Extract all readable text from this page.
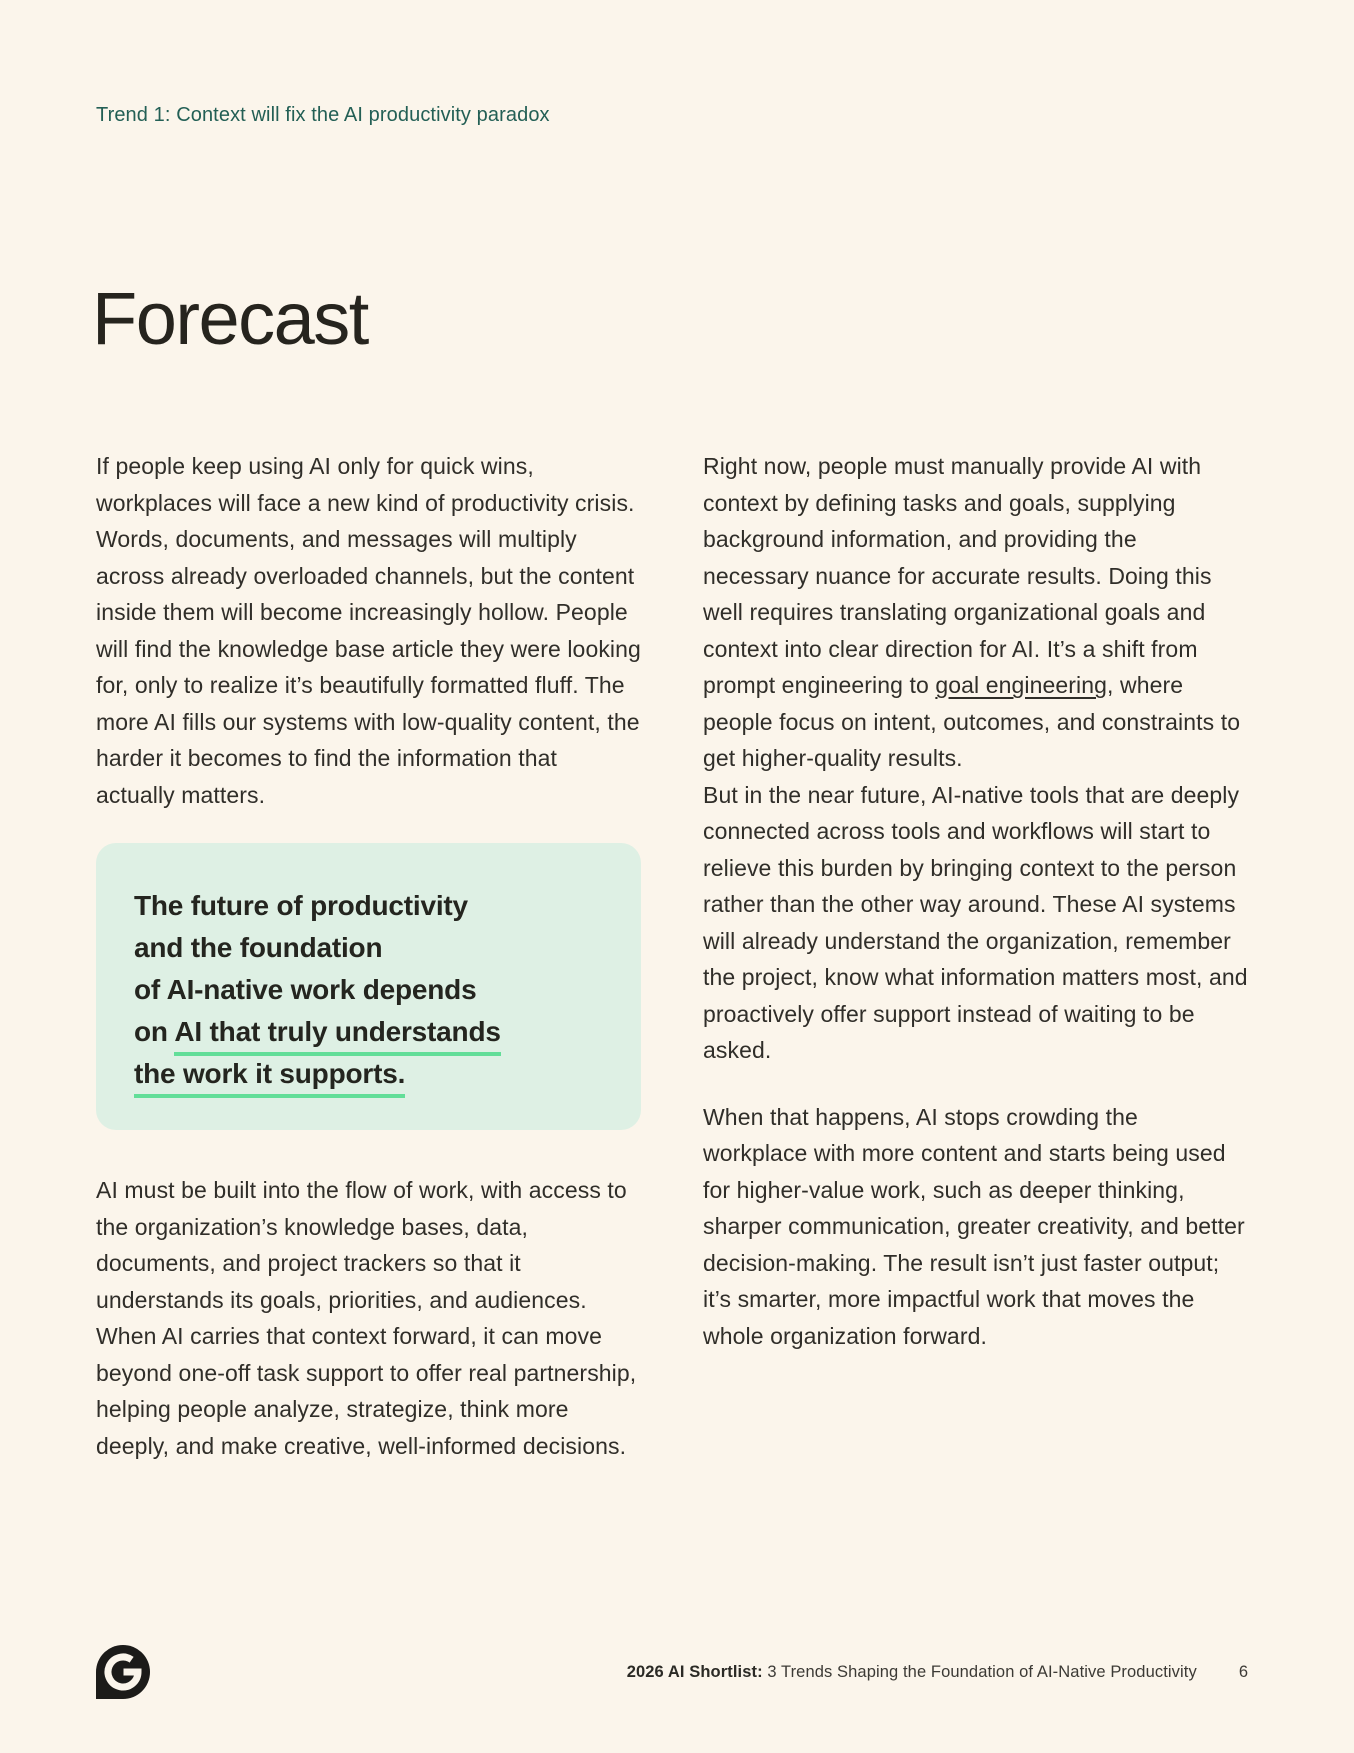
Trend 1: Context will fix the AI productivity paradox
Forecast

If people keep using AI only for quick wins, workplaces will face a new kind of productivity crisis. Words, documents, and messages will multiply across already overloaded channels, but the content inside them will become increasingly hollow. People will find the knowledge base article they were looking for, only to realize it’s beautifully formatted fluff. The more AI fills our systems with low-quality content, the harder it becomes to find the information that actually matters.

The future of productivity
and the foundation
of AI-native work depends
on AI that truly understands
the work it supports.

AI must be built into the flow of work, with access to the organization’s knowledge bases, data, documents, and project trackers so that it understands its goals, priorities, and audiences. When AI carries that context forward, it can move beyond one-off task support to offer real partnership, helping people analyze, strategize, think more deeply, and make creative, well-informed decisions.

Right now, people must manually provide AI with context by defining tasks and goals, supplying background information, and providing the necessary nuance for accurate results. Doing this well requires translating organizational goals and context into clear direction for AI. It’s a shift from prompt engineering to goal engineering, where people focus on intent, outcomes, and constraints to get higher-quality results.
But in the near future, AI-native tools that are deeply connected across tools and workflows will start to relieve this burden by bringing context to the person rather than the other way around. These AI systems will already understand the organization, remember the project, know what information matters most, and proactively offer support instead of waiting to be asked.

When that happens, AI stops crowding the workplace with more content and starts being used for higher-value work, such as deeper thinking, sharper communication, greater creativity, and better decision-making. The result isn’t just faster output; it’s smarter, more impactful work that moves the whole organization forward.

2026 AI Shortlist: 3 Trends Shaping the Foundation of AI-Native Productivity	6
